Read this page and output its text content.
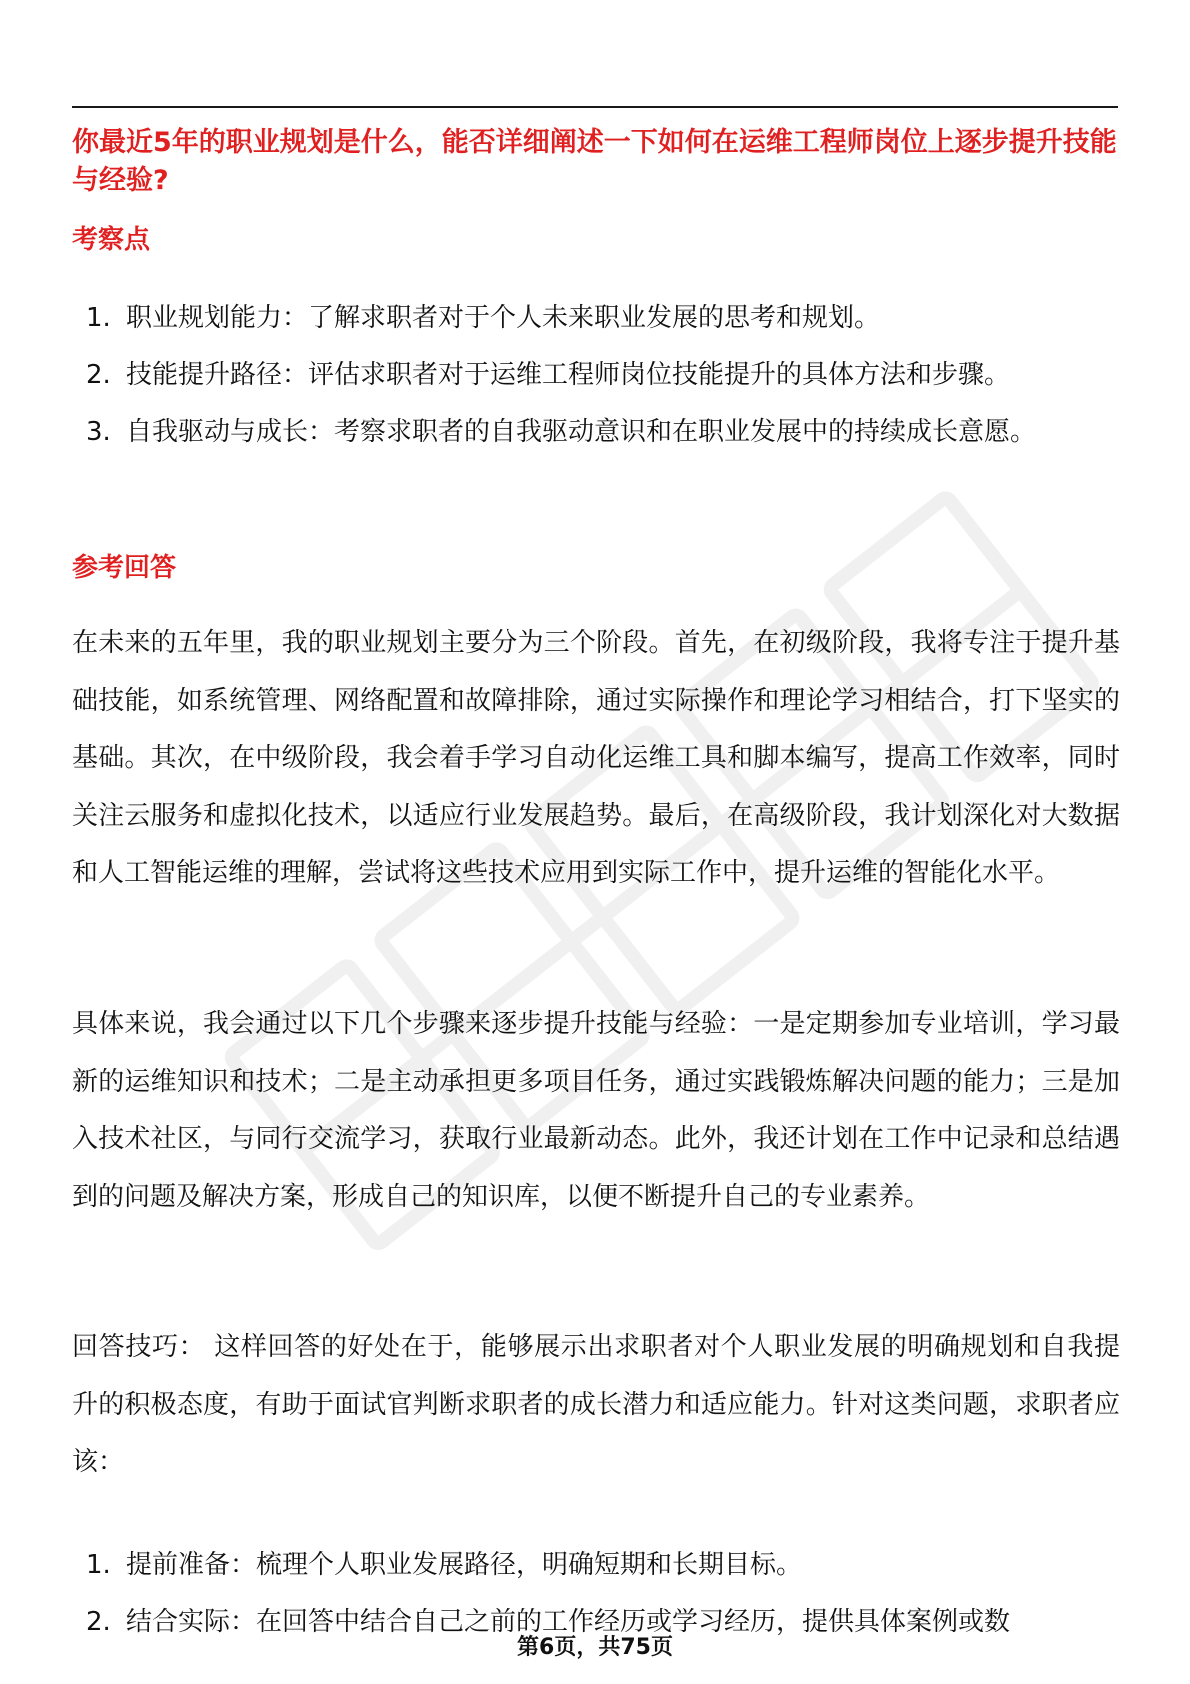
你最近5年的职业规划是什么，能否详细阐述一下如何在运维工程师岗位上逐步提升技能与经验?
考察点
1. 职业规划能力：了解求职者对于个人未来职业发展的思考和规划。
2. 技能提升路径：评估求职者对于运维工程师岗位技能提升的具体方法和步骤。
3. 自我驱动与成长：考察求职者的自我驱动意识和在职业发展中的持续成长意愿。
参考回答

在未来的五年里，我的职业规划主要分为三个阶段。首先，在初级阶段，我将专注于提升基础技能，如系统管理、网络配置和故障排除，通过实际操作和理论学习相结合，打下坚实的基础。其次，在中级阶段，我会着手学习自动化运维工具和脚本编写，提高工作效率，同时关注云服务和虚拟化技术，以适应行业发展趋势。最后，在高级阶段，我计划深化对大数据和人工智能运维的理解，尝试将这些技术应用到实际工作中，提升运维的智能化水平。

具体来说，我会通过以下几个步骤来逐步提升技能与经验：一是定期参加专业培训，学习最新的运维知识和技术；二是主动承担更多项目任务，通过实践锻炼解决问题的能力；三是加入技术社区，与同行交流学习，获取行业最新动态。此外，我还计划在工作中记录和总结遇到的问题及解决方案，形成自己的知识库，以便不断提升自己的专业素养。

回答技巧： 这样回答的好处在于，能够展示出求职者对个人职业发展的明确规划和自我提升的积极态度，有助于面试官判断求职者的成长潜力和适应能力。针对这类问题，求职者应该：

1. 提前准备：梳理个人职业发展路径，明确短期和长期目标。
2. 结合实际：在回答中结合自己之前的工作经历或学习经历，提供具体案例或数
第6页，共75页
